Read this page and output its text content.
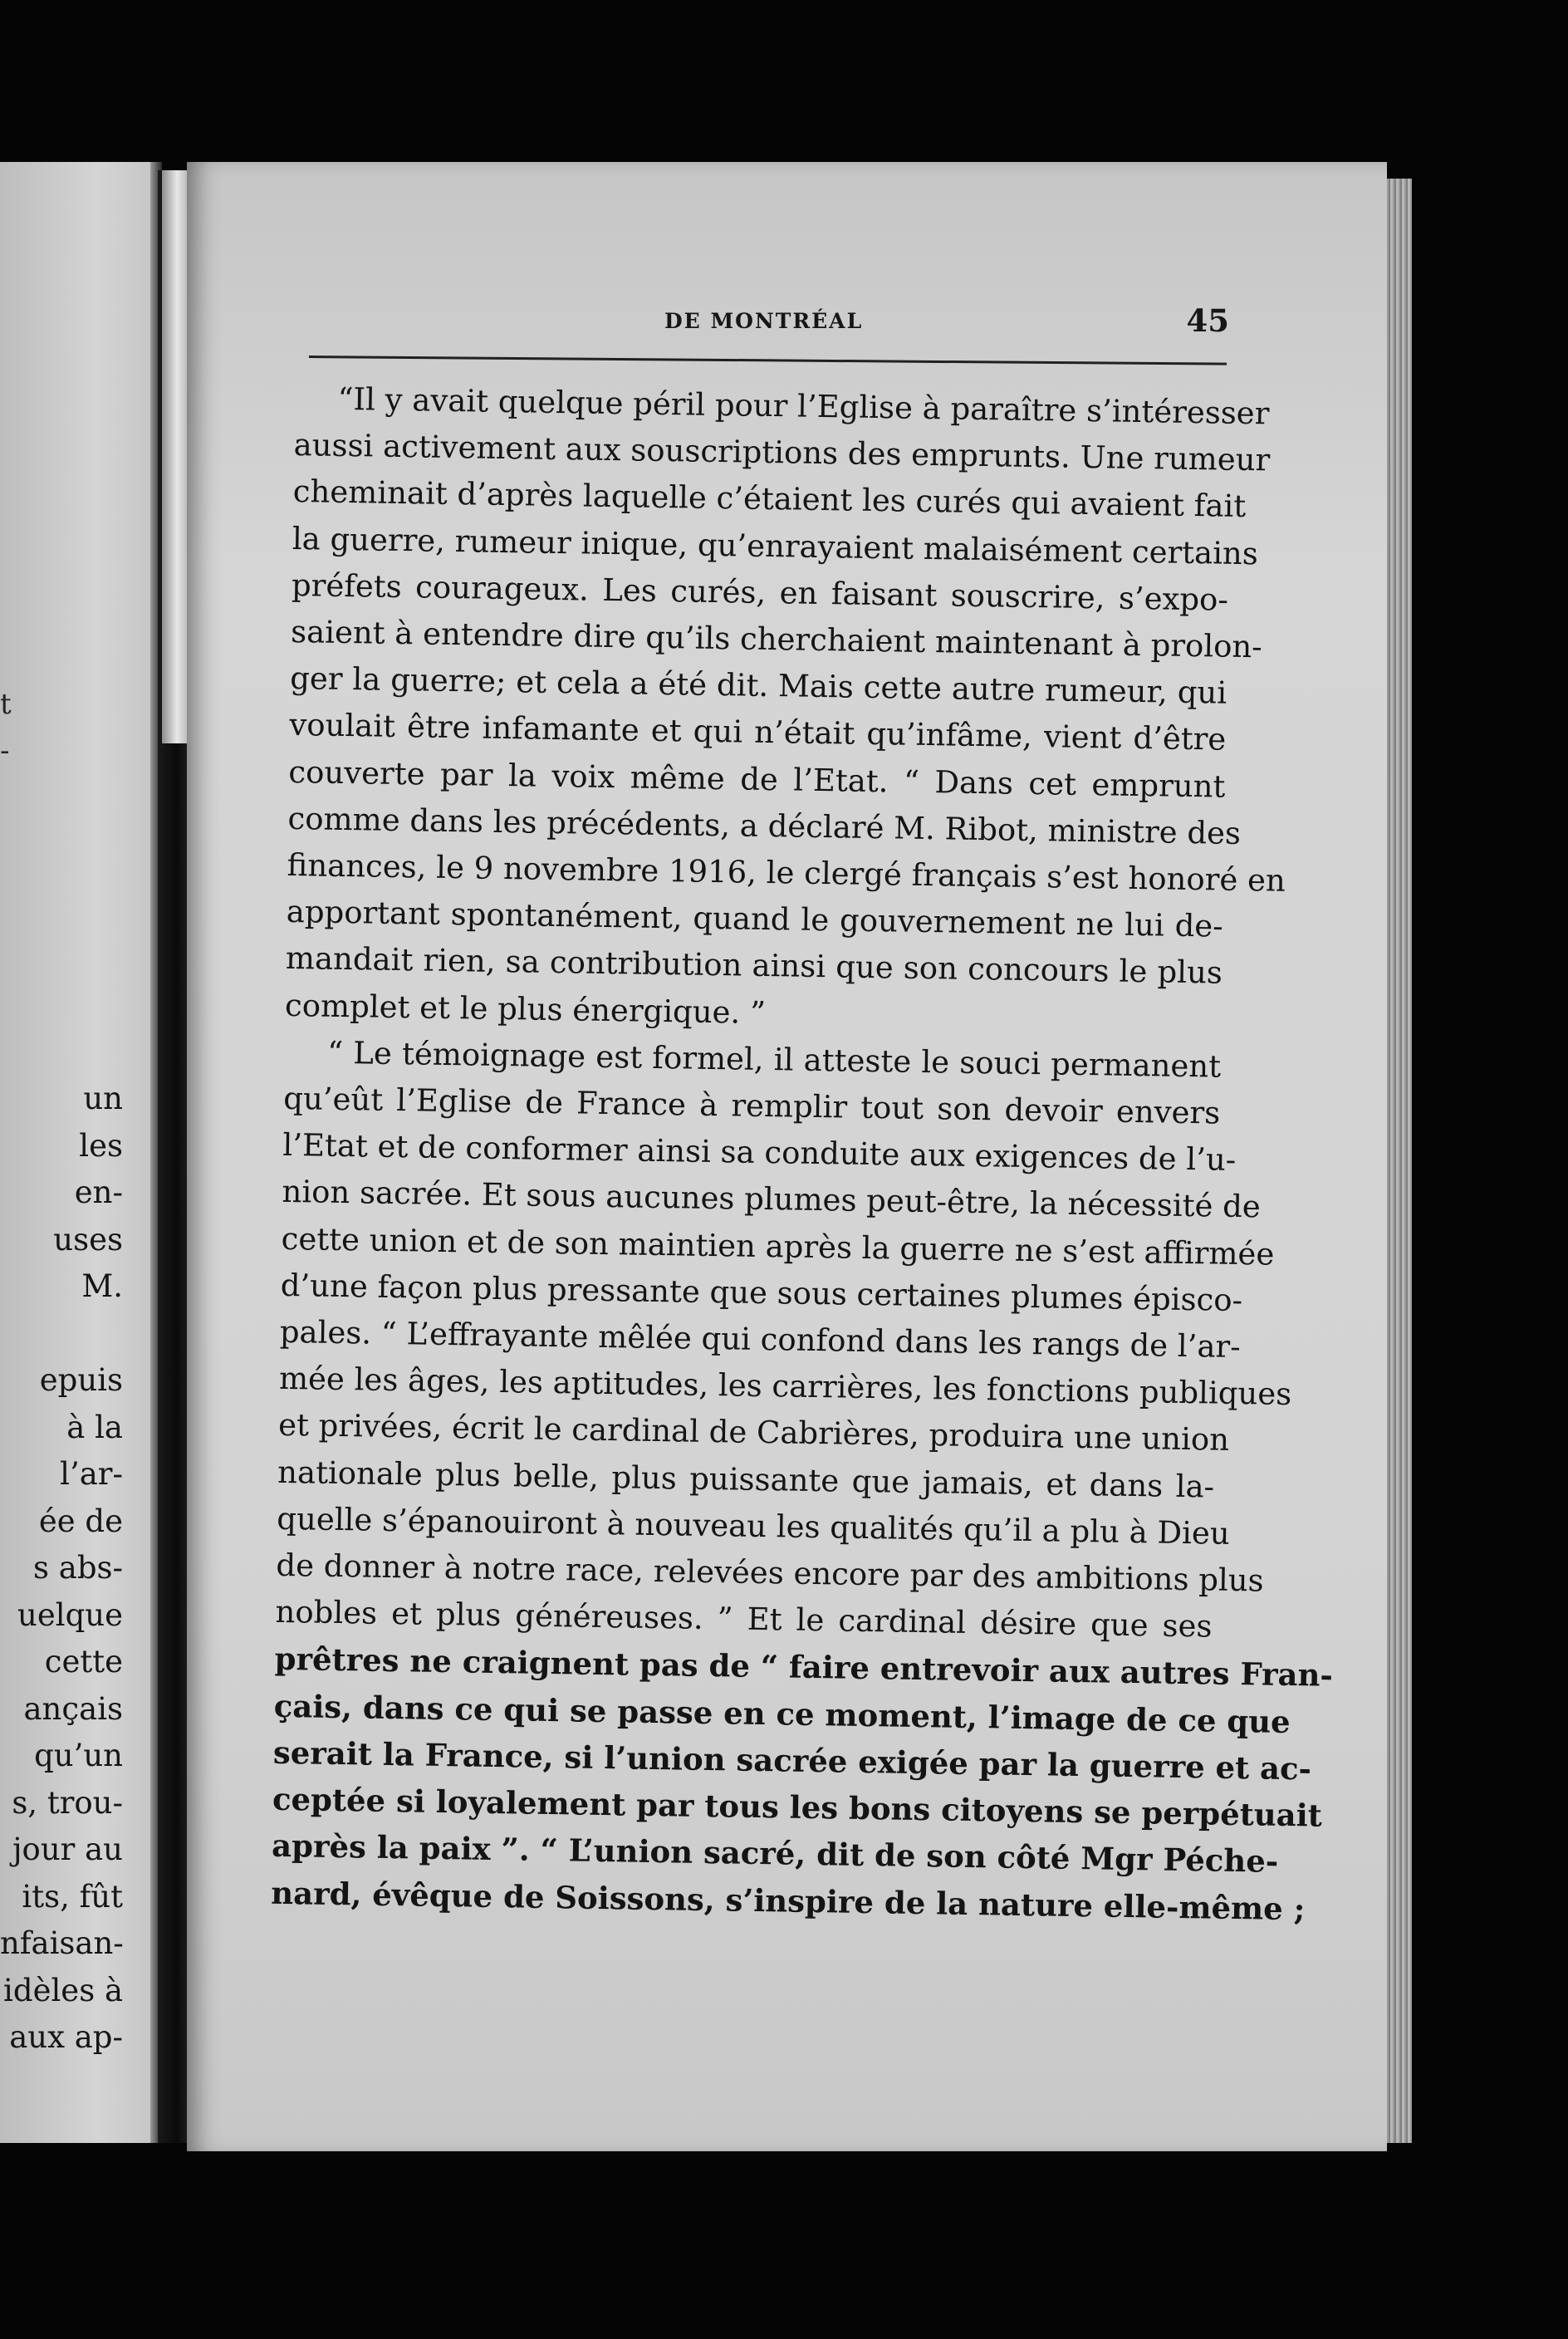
t
-
un
les
en-
uses
M.

epuis
à la
l’ar-
ée de
s abs-
uelque
cette
ançais
qu’un
s, trou-
jour au
its, fût
nfaisan-
idèles à
aux ap-
DE MONTRÉAL	45
“Il y avait quelque péril pour l’Eglise à paraître s’intéresser
aussi activement aux souscriptions des emprunts. Une rumeur
cheminait d’après laquelle c’étaient les curés qui avaient fait
la guerre, rumeur inique, qu’enrayaient malaisément certains
préfets courageux. Les curés, en faisant souscrire, s’expo-
saient à entendre dire qu’ils cherchaient maintenant à prolon-
ger la guerre; et cela a été dit. Mais cette autre rumeur, qui
voulait être infamante et qui n’était qu’infâme, vient d’être
couverte par la voix même de l’Etat. “ Dans cet emprunt
comme dans les précédents, a déclaré M. Ribot, ministre des
finances, le 9 novembre 1916, le clergé français s’est honoré en
apportant spontanément, quand le gouvernement ne lui de-
mandait rien, sa contribution ainsi que son concours le plus
complet et le plus énergique. ”
“ Le témoignage est formel, il atteste le souci permanent
qu’eût l’Eglise de France à remplir tout son devoir envers
l’Etat et de conformer ainsi sa conduite aux exigences de l’u-
nion sacrée. Et sous aucunes plumes peut-être, la nécessité de
cette union et de son maintien après la guerre ne s’est affirmée
d’une façon plus pressante que sous certaines plumes épisco-
pales. “ L’effrayante mêlée qui confond dans les rangs de l’ar-
mée les âges, les aptitudes, les carrières, les fonctions publiques
et privées, écrit le cardinal de Cabrières, produira une union
nationale plus belle, plus puissante que jamais, et dans la-
quelle s’épanouiront à nouveau les qualités qu’il a plu à Dieu
de donner à notre race, relevées encore par des ambitions plus
nobles et plus généreuses. ” Et le cardinal désire que ses
prêtres ne craignent pas de “ faire entrevoir aux autres Fran-
çais, dans ce qui se passe en ce moment, l’image de ce que
serait la France, si l’union sacrée exigée par la guerre et ac-
ceptée si loyalement par tous les bons citoyens se perpétuait
après la paix ”. “ L’union sacré, dit de son côté Mgr Péche-
nard, évêque de Soissons, s’inspire de la nature elle-même ;
